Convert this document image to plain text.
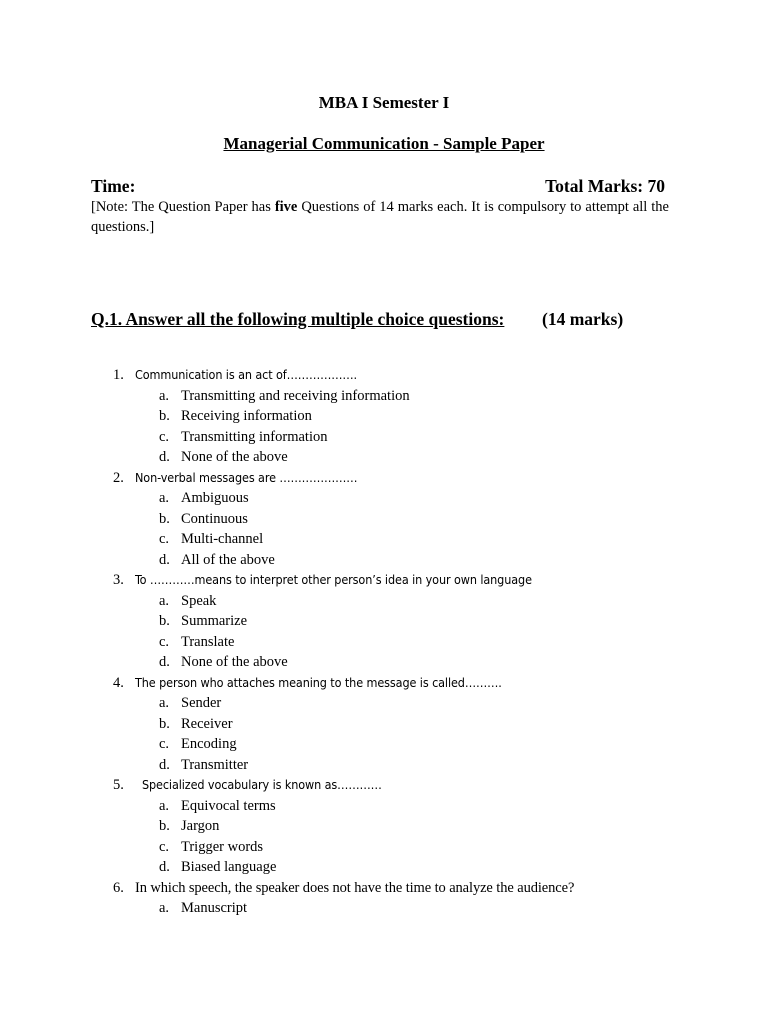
MBA I Semester I
Managerial Communication - Sample Paper
Time:	Total Marks: 70
[Note: The Question Paper has five Questions of 14 marks each. It is compulsory to attempt all the questions.]
Q.1. Answer all the following multiple choice questions: (14 marks)
1. Communication is an act of……………….
a. Transmitting and receiving information
b. Receiving information
c. Transmitting information
d. None of the above
2. Non-verbal messages are …………………
a. Ambiguous
b. Continuous
c. Multi-channel
d. All of the above
3. To …………means to interpret other person’s idea in your own language
a. Speak
b. Summarize
c. Translate
d. None of the above
4. The person who attaches meaning to the message is called……….
a. Sender
b. Receiver
c. Encoding
d. Transmitter
5. Specialized vocabulary is known as…………
a. Equivocal terms
b. Jargon
c. Trigger words
d. Biased language
6. In which speech, the speaker does not have the time to analyze the audience?
a. Manuscript
